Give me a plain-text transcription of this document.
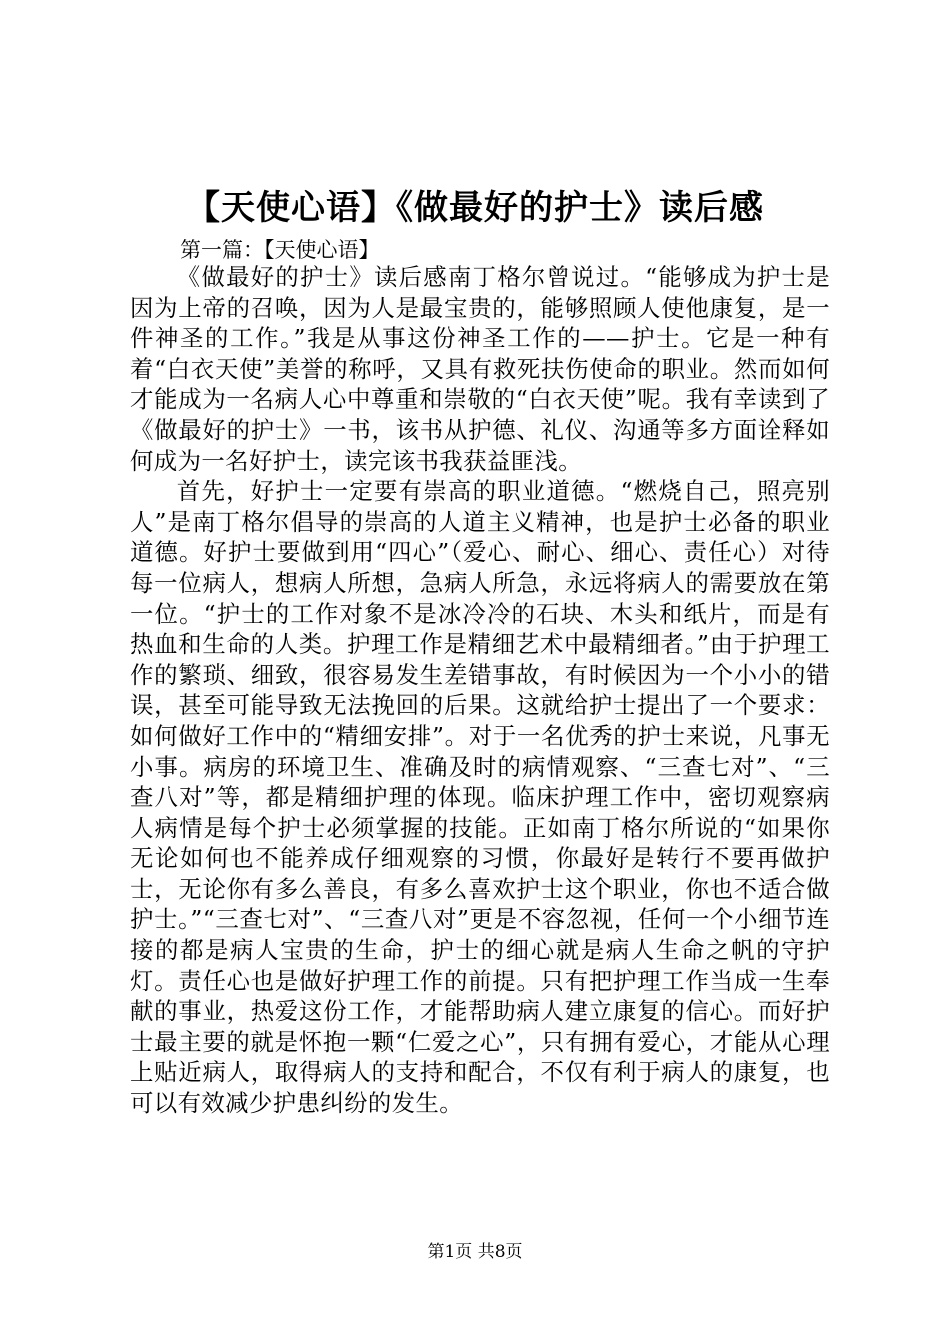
【天使心语】《做最好的护士》读后感
第一篇：【天使心语】

《做最好的护士》读后感南丁格尔曾说过。“能够成为护士是因为上帝的召唤，因为人是最宝贵的，能够照顾人使他康复，是一件神圣的工作。”我是从事这份神圣工作的——护士。它是一种有着“白衣天使”美誉的称呼，又具有救死扶伤使命的职业。然而如何才能成为一名病人心中尊重和崇敬的“白衣天使”呢。我有幸读到了《做最好的护士》一书，该书从护德、礼仪、沟通等多方面诠释如何成为一名好护士，读完该书我获益匪浅。

首先，好护士一定要有崇高的职业道德。“燃烧自己，照亮别人”是南丁格尔倡导的崇高的人道主义精神，也是护士必备的职业道德。好护士要做到用“四心”（爱心、耐心、细心、责任心）对待每一位病人，想病人所想，急病人所急，永远将病人的需要放在第一位。“护士的工作对象不是冰冷冷的石块、木头和纸片，而是有热血和生命的人类。护理工作是精细艺术中最精细者。”由于护理工作的繁琐、细致，很容易发生差错事故，有时候因为一个小小的错误，甚至可能导致无法挽回的后果。这就给护士提出了一个要求：如何做好工作中的“精细安排”。对于一名优秀的护士来说，凡事无小事。病房的环境卫生、准确及时的病情观察、“三查七对”、“三查八对”等，都是精细护理的体现。临床护理工作中，密切观察病人病情是每个护士必须掌握的技能。正如南丁格尔所说的“如果你无论如何也不能养成仔细观察的习惯，你最好是转行不要再做护士，无论你有多么善良，有多么喜欢护士这个职业，你也不适合做护士。”“三查七对”、“三查八对”更是不容忽视，任何一个小细节连接的都是病人宝贵的生命，护士的细心就是病人生命之帆的守护灯。责任心也是做好护理工作的前提。只有把护理工作当成一生奉献的事业，热爱这份工作，才能帮助病人建立康复的信心。而好护士最主要的就是怀抱一颗“仁爱之心”，只有拥有爱心，才能从心理上贴近病人，取得病人的支持和配合，不仅有利于病人的康复，也可以有效减少护患纠纷的发生。

第1页 共8页
